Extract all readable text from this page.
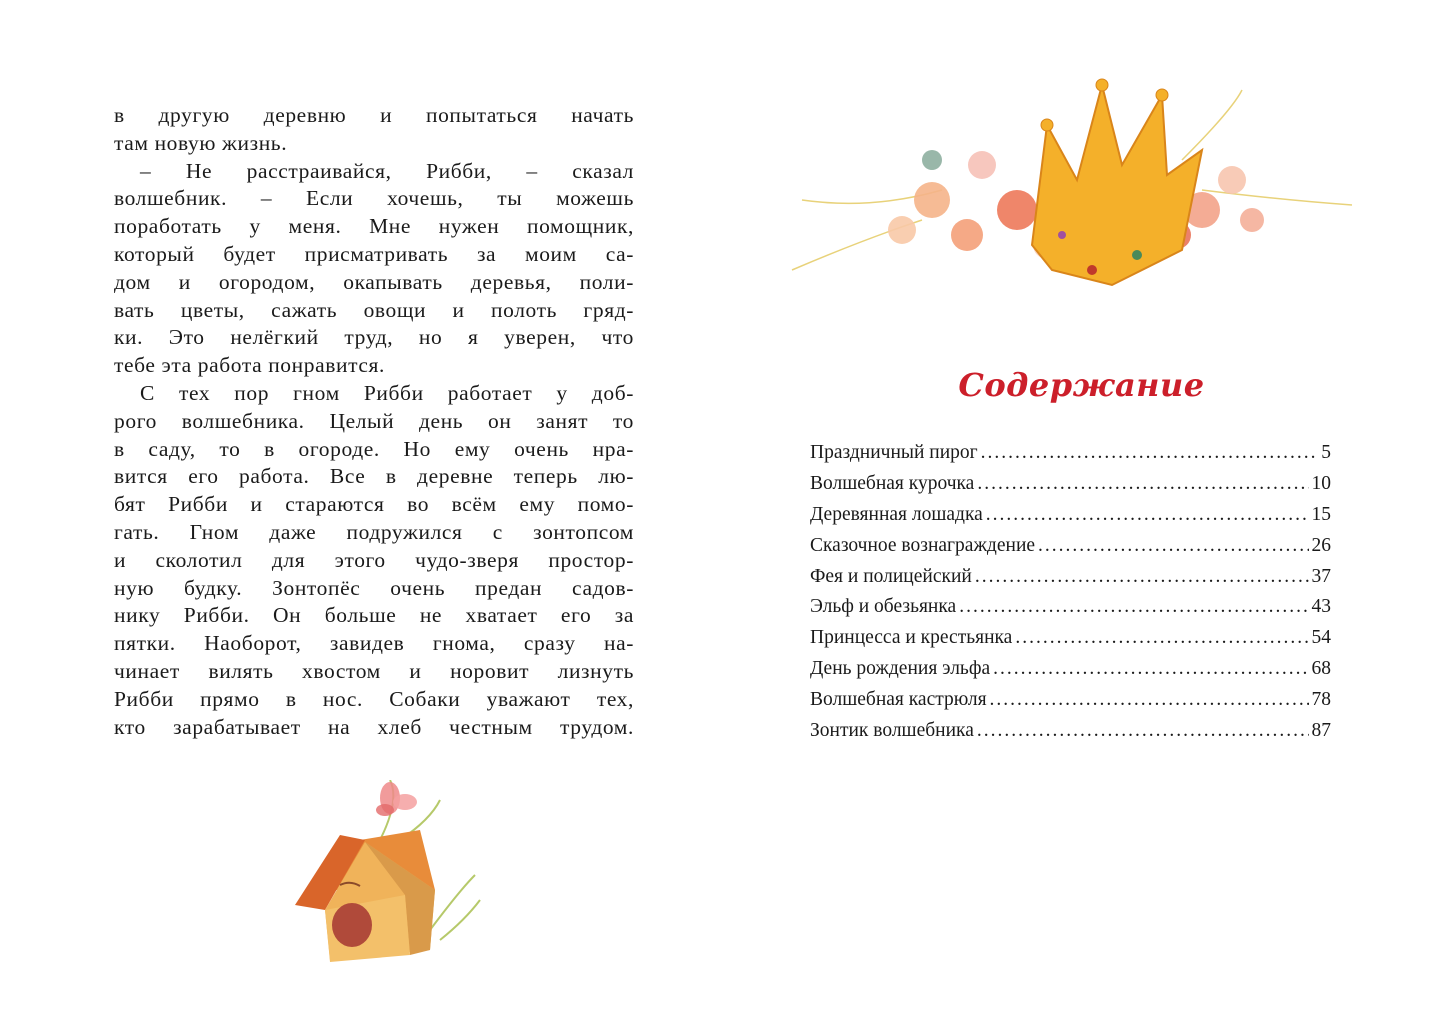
в другую деревню и попытаться начать
там новую жизнь.
– Не расстраивайся, Рибби, – сказал
волшебник. – Если хочешь, ты можешь
поработать у меня. Мне нужен помощник,
который будет присматривать за моим са-
дом и огородом, окапывать деревья, поли-
вать цветы, сажать овощи и полоть гряд-
ки. Это нелёгкий труд, но я уверен, что
тебе эта работа понравится.
С тех пор гном Рибби работает у доб-
рого волшебника. Целый день он занят то
в саду, то в огороде. Но ему очень нра-
вится его работа. Все в деревне теперь лю-
бят Рибби и стараются во всём ему помо-
гать. Гном даже подружился с зонтопсом
и сколотил для этого чудо-зверя простор-
ную будку. Зонтопёс очень предан садов-
нику Рибби. Он больше не хватает его за
пятки. Наоборот, завидев гнома, сразу на-
чинает вилять хвостом и норовит лизнуть
Рибби прямо в нос. Собаки уважают тех,
кто зарабатывает на хлеб честным трудом.
Содержание
Праздничный пирог .....	5
Волшебная курочка .....	10
Деревянная лошадка .....	15
Сказочное вознаграждение .....	26
Фея и полицейский .....	37
Эльф и обезьянка .....	43
Принцесса и крестьянка .....	54
День рождения эльфа .....	68
Волшебная кастрюля .....	78
Зонтик волшебника .....	87
